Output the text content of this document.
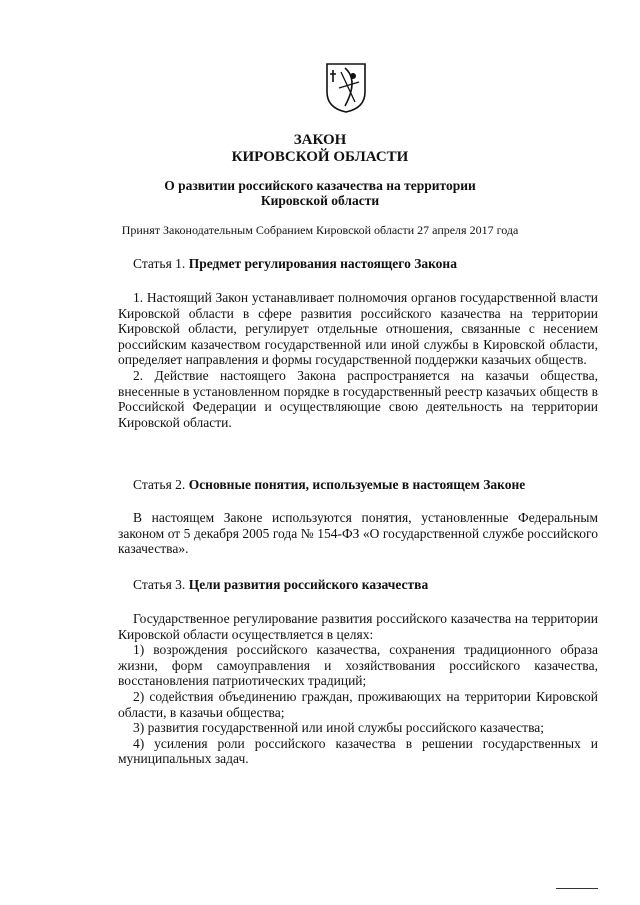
ЗАКОН
КИРОВСКОЙ ОБЛАСТИ
О развитии российского казачества на территории
Кировской области
Принят Законодательным Собранием Кировской области 27 апреля 2017 года
Статья 1. Предмет регулирования настоящего Закона

1. Настоящий Закон устанавливает полномочия органов государственной власти Кировской области в сфере развития российского казачества на территории Кировской области, регулирует отдельные отношения, связанные с несением российским казачеством государственной или иной службы в Кировской области, определяет направления и формы государственной поддержки казачьих обществ.

2. Действие настоящего Закона распространяется на казачьи общества, внесенные в установленном порядке в государственный реестр казачьих обществ в Российской Федерации и осуществляющие свою деятельность на территории Кировской области.

Статья 2. Основные понятия, используемые в настоящем Законе

В настоящем Законе используются понятия, установленные Федеральным законом от 5 декабря 2005 года № 154-ФЗ «О государственной службе российского казачества».

Статья 3. Цели развития российского казачества

Государственное регулирование развития российского казачества на территории Кировской области осуществляется в целях:

1) возрождения российского казачества, сохранения традиционного образа жизни, форм самоуправления и хозяйствования российского казачества, восстановления патриотических традиций;

2) содействия объединению граждан, проживающих на территории Кировской области, в казачьи общества;

3) развития государственной или иной службы российского казачества;

4) усиления роли российского казачества в решении государственных и муниципальных задач.
